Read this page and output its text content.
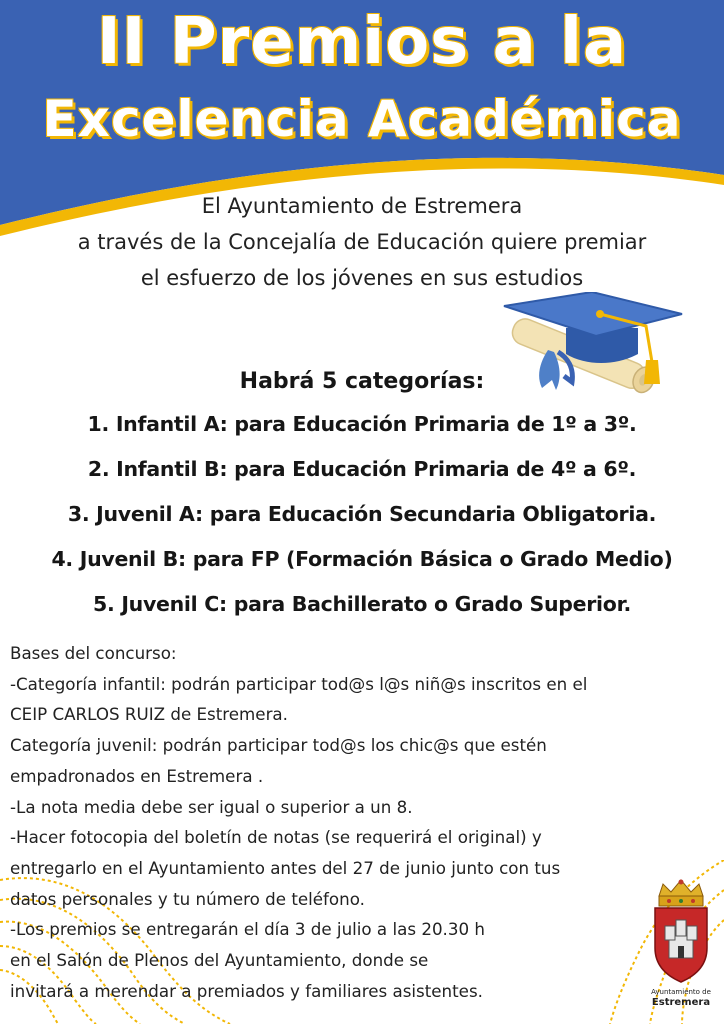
II Premios a la
Excelencia Académica
El Ayuntamiento de Estremera
a través de la Concejalía de Educación quiere premiar
el esfuerzo de los jóvenes en sus estudios
Habrá 5 categorías:
1. Infantil A: para Educación Primaria de 1º a 3º.
2. Infantil B: para Educación Primaria de 4º a 6º.
3. Juvenil A: para Educación Secundaria Obligatoria.
4. Juvenil B: para FP (Formación Básica o Grado Medio)
5. Juvenil C: para Bachillerato o Grado Superior.
Bases del concurso:
-Categoría infantil: podrán participar tod@s l@s niñ@s inscritos en el
CEIP CARLOS RUIZ de Estremera.
Categoría juvenil: podrán participar tod@s los chic@s que estén
empadronados en Estremera .
-La nota media debe ser igual o superior a un 8.
-Hacer fotocopia del boletín de notas (se requerirá el original) y
entregarlo en el Ayuntamiento antes del 27 de junio junto con tus
datos personales y tu número de teléfono.
-Los premios se entregarán el día 3 de julio a las 20.30 h
en el Salón de Plenos del Ayuntamiento, donde se
invitará a merendar a premiados y familiares asistentes.	Ayuntamiento de
Estremera
